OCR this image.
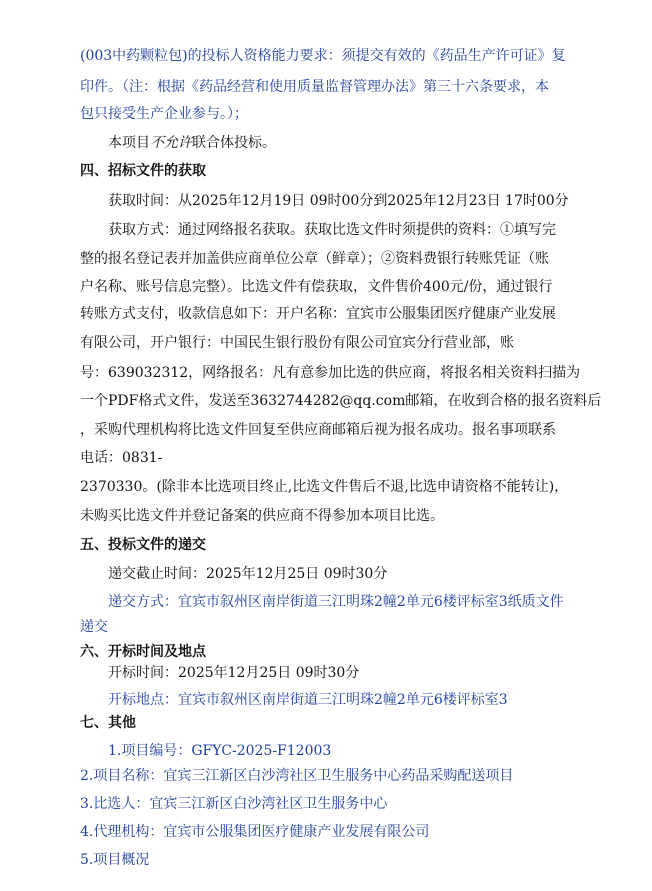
(003中药颗粒包)的投标人资格能力要求：须提交有效的《药品生产许可证》复
印件。（注：根据《药品经营和使用质量监督管理办法》第三十六条要求，本
包只接受生产企业参与。）；
本项目不允许联合体投标。
四、招标文件的获取
获取时间：从2025年12月19日 09时00分到2025年12月23日 17时00分
获取方式：通过网络报名获取。获取比选文件时须提供的资料：①填写完
整的报名登记表并加盖供应商单位公章（鲜章）；②资料费银行转账凭证（账
户名称、账号信息完整）。比选文件有偿获取，文件售价400元/份，通过银行
转账方式支付，收款信息如下：开户名称：宜宾市公服集团医疗健康产业发展
有限公司，开户银行：中国民生银行股份有限公司宜宾分行营业部，账
号：639032312，网络报名：凡有意参加比选的供应商，将报名相关资料扫描为
一个PDF格式文件，发送至3632744282@qq.com邮箱，在收到合格的报名资料后
，采购代理机构将比选文件回复至供应商邮箱后视为报名成功。报名事项联系
电话：0831-
2370330。(除非本比选项目终止,比选文件售后不退,比选申请资格不能转让)，
未购买比选文件并登记备案的供应商不得参加本项目比选。
五、投标文件的递交
递交截止时间：2025年12月25日 09时30分
递交方式：宜宾市叙州区南岸街道三江明珠2幢2单元6楼评标室3纸质文件
递交
六、开标时间及地点
开标时间：2025年12月25日 09时30分
开标地点：宜宾市叙州区南岸街道三江明珠2幢2单元6楼评标室3
七、其他
1.项目编号：GFYC-2025-F12003
2.项目名称：宜宾三江新区白沙湾社区卫生服务中心药品采购配送项目
3.比选人：宜宾三江新区白沙湾社区卫生服务中心
4.代理机构：宜宾市公服集团医疗健康产业发展有限公司
5.项目概况
